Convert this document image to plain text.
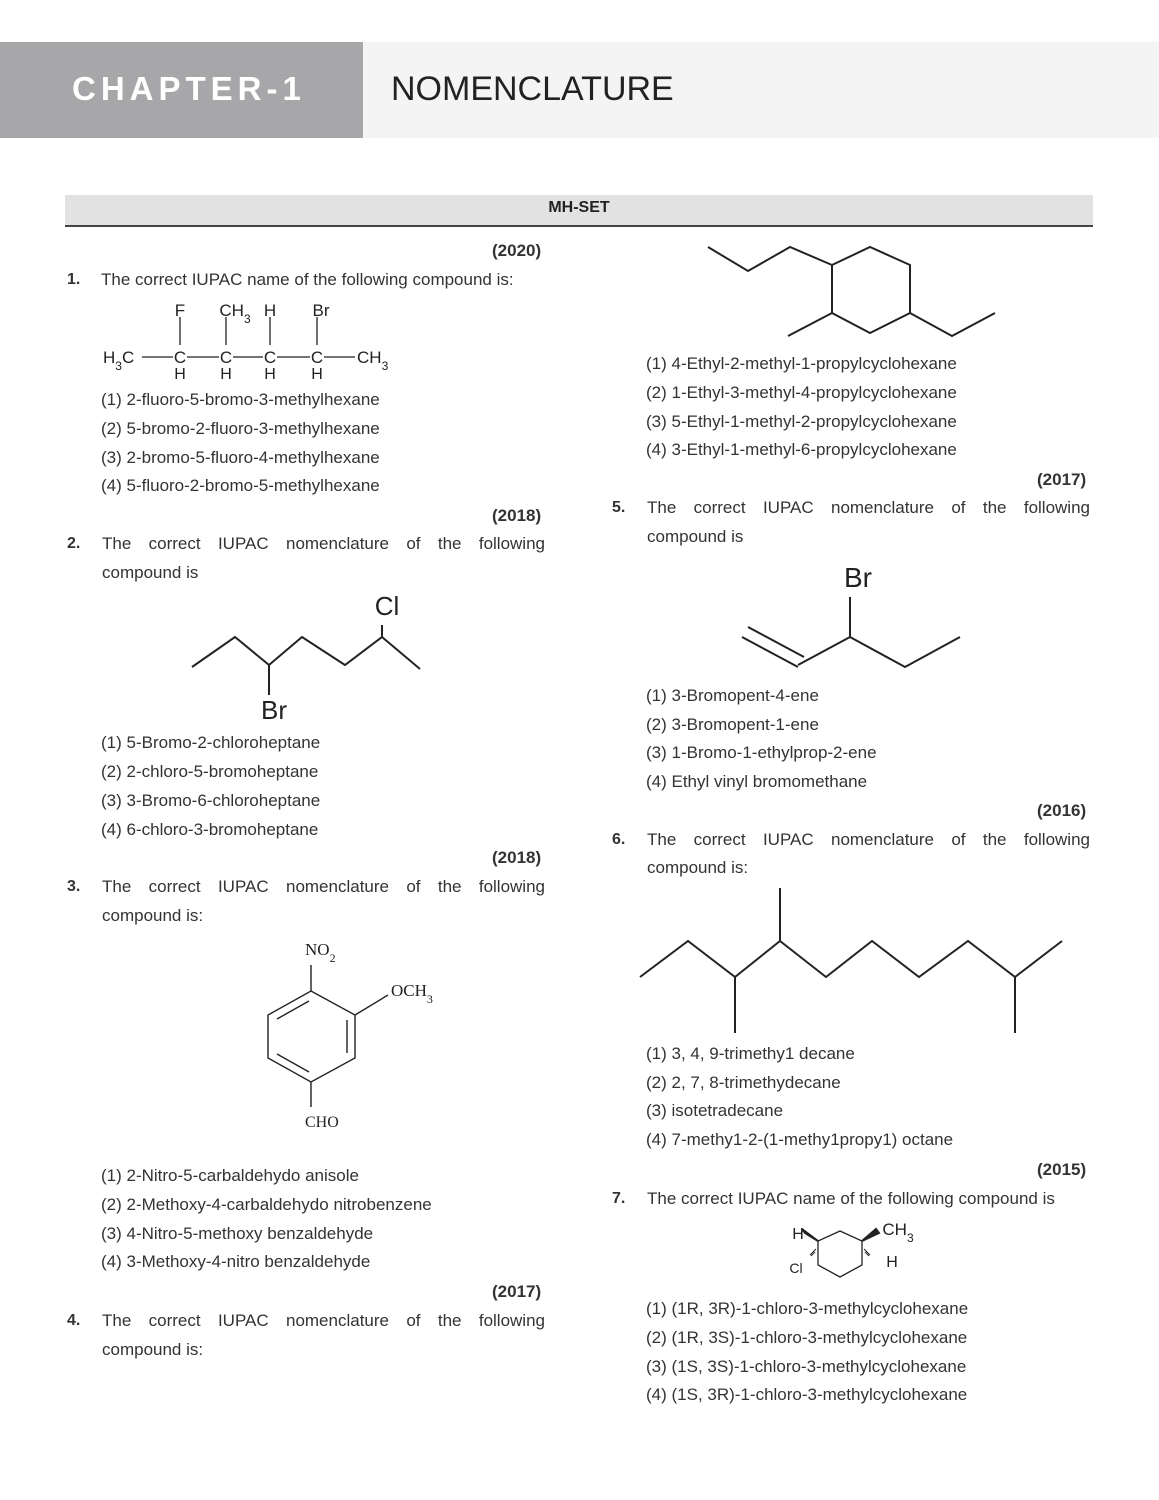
CHAPTER-1	NOMENCLATURE
MH-SET
(2020)
1. The correct IUPAC name of the following compound is:
F $CH_3$ H Br
$H_3C$ C C C C $CH_3$
H H H H
(1) 2-fluoro-5-bromo-3-methylhexane
(2) 5-bromo-2-fluoro-3-methylhexane
(3) 2-bromo-5-fluoro-4-methylhexane
(4) 5-fluoro-2-bromo-5-methylhexane
(2018)
2. The correct IUPAC nomenclature of the following
compound is
Cl
Br
(1) 5-Bromo-2-chloroheptane
(2) 2-chloro-5-bromoheptane
(3) 3-Bromo-6-chloroheptane
(4) 6-chloro-3-bromoheptane
(2018)
3. The correct IUPAC nomenclature of the following
compound is:
$NO_2$
$OCH_3$
CHO
(1) 2-Nitro-5-carbaldehydo anisole
(2) 2-Methoxy-4-carbaldehydo nitrobenzene
(3) 4-Nitro-5-methoxy benzaldehyde
(4) 3-Methoxy-4-nitro benzaldehyde
(2017)
4. The correct IUPAC nomenclature of the following
compound is:
(1) 4-Ethyl-2-methyl-1-propylcyclohexane
(2) 1-Ethyl-3-methyl-4-propylcyclohexane
(3) 5-Ethyl-1-methyl-2-propylcyclohexane
(4) 3-Ethyl-1-methyl-6-propylcyclohexane
(2017)
5. The correct IUPAC nomenclature of the following
compound is
Br
(1) 3-Bromopent-4-ene
(2) 3-Bromopent-1-ene
(3) 1-Bromo-1-ethylprop-2-ene
(4) Ethyl vinyl bromomethane
(2016)
6. The correct IUPAC nomenclature of the following
compound is:
(1) 3, 4, 9-trimethy1 decane
(2) 2, 7, 8-trimethydecane
(3) isotetradecane
(4) 7-methy1-2-(1-methy1propy1) octane
(2015)
7. The correct IUPAC name of the following compound is
H	$CH_3$
Cl	H
(1) (1R, 3R)-1-chloro-3-methylcyclohexane
(2) (1R, 3S)-1-chloro-3-methylcyclohexane
(3) (1S, 3S)-1-chloro-3-methylcyclohexane
(4) (1S, 3R)-1-chloro-3-methylcyclohexane
